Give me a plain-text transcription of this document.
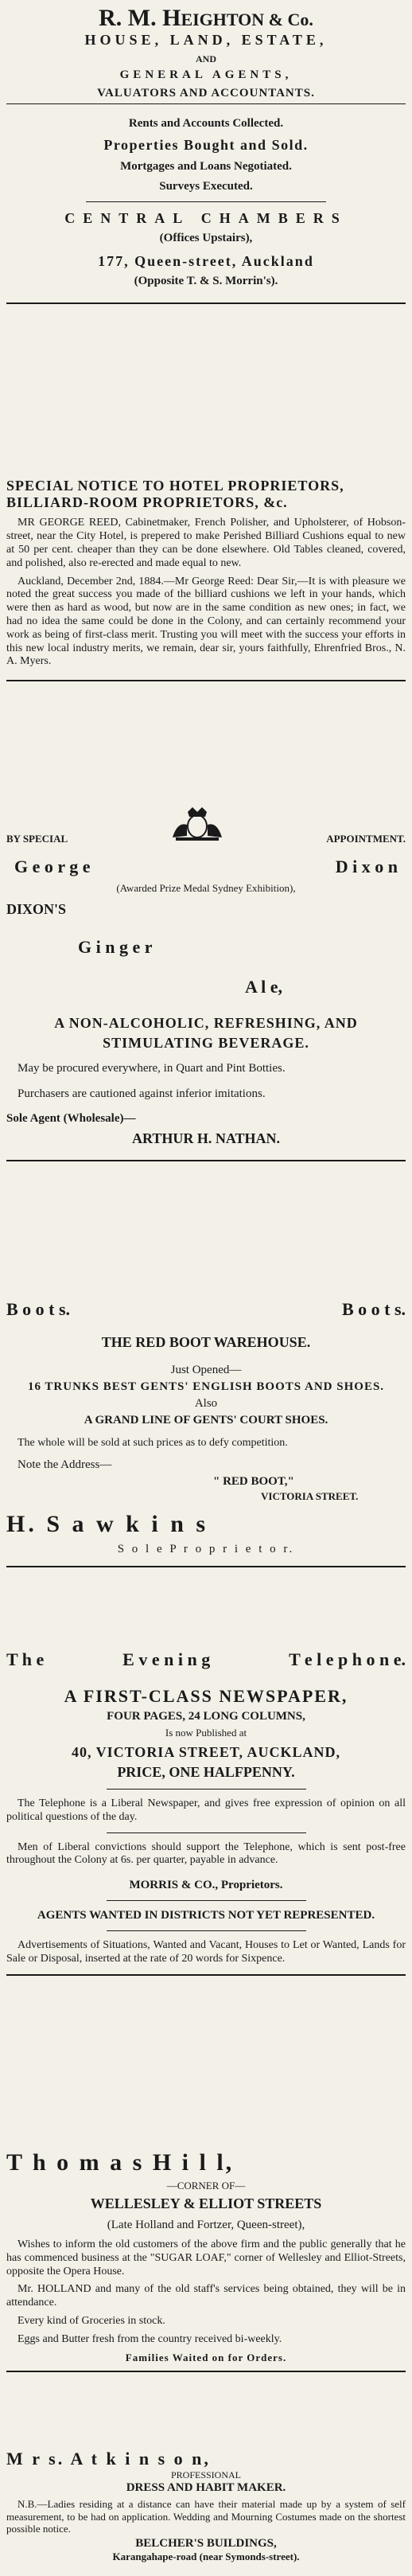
R. M. HEIGHTON & Co.
HOUSE, LAND, ESTATE,
AND
GENERAL AGENTS,
VALUATORS AND ACCOUNTANTS.
Rents and Accounts Collected.
Properties Bought and Sold.
Mortgages and Loans Negotiated.
Surveys Executed.
CENTRAL CHAMBERS
(Offices Upstairs),
177, Queen-street, Auckland
(Opposite T. & S. Morrin's).

SPECIAL NOTICE TO HOTEL PROPRIETORS, BILLIARD-ROOM PROPRIETORS, &c.

MR GEORGE REED, Cabinetmaker, French Polisher, and Upholsterer, of Hobson-street, near the City Hotel, is prepered to make Perished Billiard Cushions equal to new at 50 per cent. cheaper than they can be done elsewhere. Old Tables cleaned, covered, and polished, also re-erected and made equal to new.

Auckland, December 2nd, 1884.—Mr George Reed: Dear Sir,—It is with pleasure we noted the great success you made of the billiard cushions we left in your hands, which were then as hard as wood, but now are in the same condition as new ones; in fact, we had no idea the same could be done in the Colony, and can certainly recommend your work as being of first-class merit. Trusting you will meet with the success your efforts in this new local industry merits, we remain, dear sir, yours faithfully, Ehrenfried Bros., N. A. Myers.

BY SPECIAL	APPOINTMENT.
G e o r g e	D i x o n
(Awarded Prize Medal Sydney Exhibition),
DIXON'S
G i n g e r
A l e,
A NON-ALCOHOLIC, REFRESHING, AND
STIMULATING BEVERAGE.

May be procured everywhere, in Quart and Pint Botties.

Purchasers are cautioned against inferior imitations.

Sole Agent (Wholesale)—
ARTHUR H. NATHAN.
B o o t s.	B o o t s.
THE RED BOOT WAREHOUSE.
Just Opened—
16 TRUNKS BEST GENTS' ENGLISH BOOTS AND SHOES.
Also
A GRAND LINE OF GENTS' COURT SHOES.

The whole will be sold at such prices as to defy competition.

Note the Address—
" RED BOOT,"
VICTORIA STREET.
H. S a w k i n s
S o l e P r o p r i e t o r.
T h e	E v e n i n g	T e l e p h o n e.
A FIRST-CLASS NEWSPAPER,
FOUR PAGES, 24 LONG COLUMNS,
Is now Published at
40, VICTORIA STREET, AUCKLAND,
PRICE, ONE HALFPENNY.

The Telephone is a Liberal Newspaper, and gives free expression of opinion on all political questions of the day.

Men of Liberal convictions should support the Telephone, which is sent post-free throughout the Colony at 6s. per quarter, payable in advance.

MORRIS & CO., Proprietors.
AGENTS WANTED IN DISTRICTS NOT YET REPRESENTED.

Advertisements of Situations, Wanted and Vacant, Houses to Let or Wanted, Lands for Sale or Disposal, inserted at the rate of 20 words for Sixpence.

T h o m a s H i l l,
—CORNER OF—
WELLESLEY & ELLIOT STREETS
(Late Holland and Fortzer, Queen-street),

Wishes to inform the old customers of the above firm and the public generally that he has commenced business at the "SUGAR LOAF," corner of Wellesley and Elliot-Streets, opposite the Opera House.

Mr. HOLLAND and many of the old staff's services being obtained, they will be in attendance.

Every kind of Groceries in stock.

Eggs and Butter fresh from the country received bi-weekly.

Families Waited on for Orders.
M r s. A t k i n s o n,
PROFESSIONAL
DRESS AND HABIT MAKER.

N.B.—Ladies residing at a distance can have their material made up by a system of self measurement, to be had on application. Wedding and Mourning Costumes made on the shortest possible notice.

BELCHER'S BUILDINGS,
Karangahape-road (near Symonds-street).
